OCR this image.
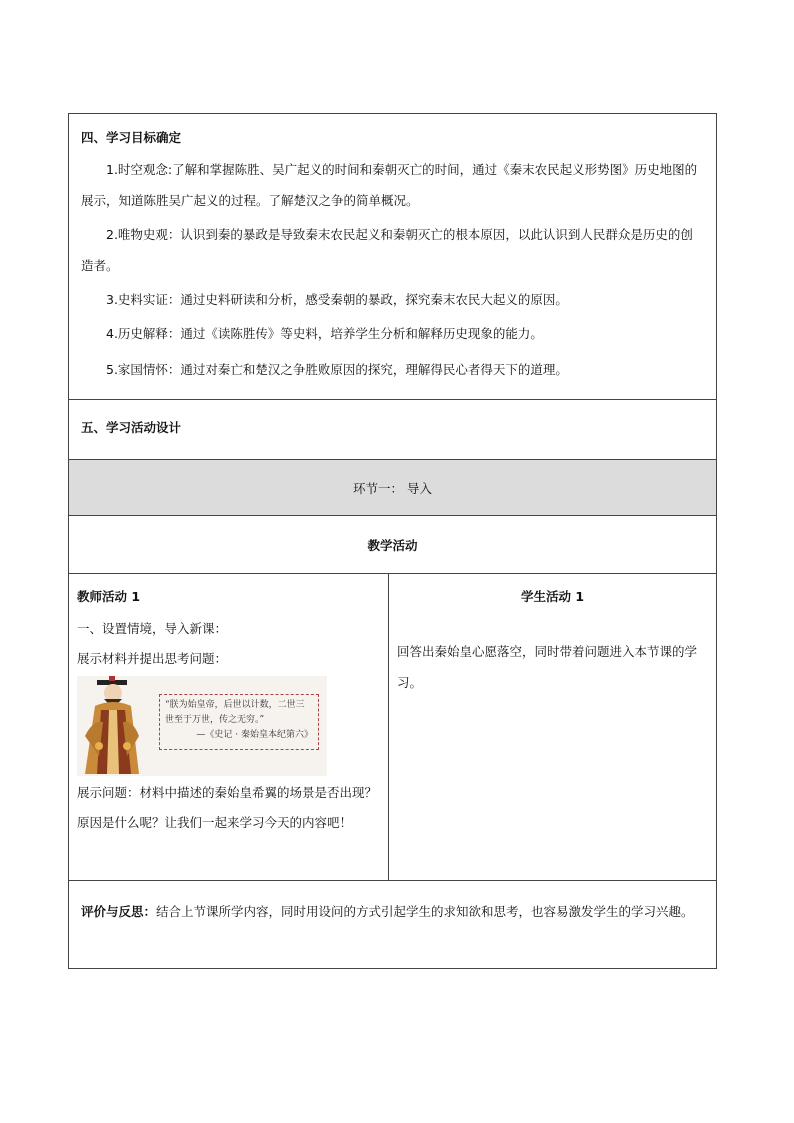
四、学习目标确定

1.时空观念:了解和掌握陈胜、吴广起义的时间和秦朝灭亡的时间，通过《秦末农民起义形势图》历史地图的展示，知道陈胜吴广起义的过程。了解楚汉之争的简单概况。

2.唯物史观：认识到秦的暴政是导致秦末农民起义和秦朝灭亡的根本原因，以此认识到人民群众是历史的创造者。

3.史料实证：通过史料研读和分析，感受秦朝的暴政，探究秦末农民大起义的原因。

4.历史解释：通过《读陈胜传》等史料，培养学生分析和解释历史现象的能力。

5.家国情怀：通过对秦亡和楚汉之争胜败原因的探究，理解得民心者得天下的道理。

五、学习活动设计

环节一： 导入
教学活动

教师活动 1

一、设置情境，导入新课：

展示材料并提出思考问题：

“朕为始皇帝，后世以计数，二世三世至于万世，传之无穷。”
—《史记 · 秦始皇本纪第六》

展示问题：材料中描述的秦始皇希翼的场景是否出现？原因是什么呢？让我们一起来学习今天的内容吧！

学生活动 1

回答出秦始皇心愿落空，同时带着问题进入本节课的学习。

评价与反思：结合上节课所学内容，同时用设问的方式引起学生的求知欲和思考，也容易激发学生的学习兴趣。
